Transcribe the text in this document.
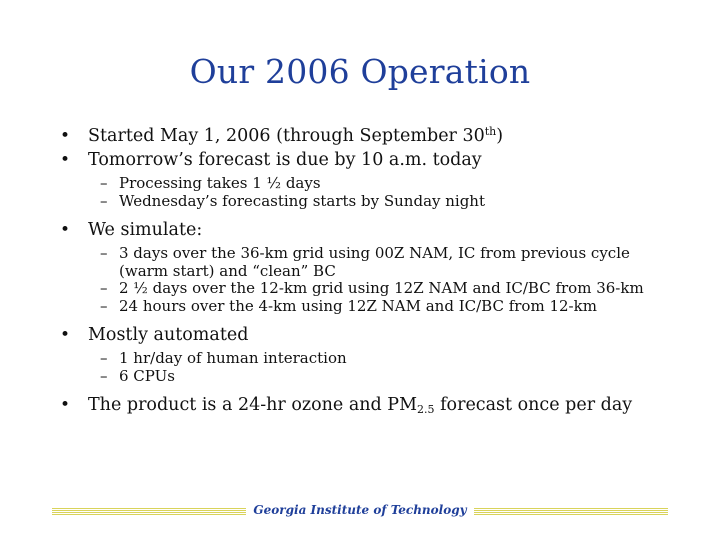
Our 2006 Operation
• Started May 1, 2006 (through September 30th)
• Tomorrow’s forecast is due by 10 a.m. today
– Processing takes 1 ½ days
– Wednesday’s forecasting starts by Sunday night
• We simulate:
– 3 days over the 36-km grid using 00Z NAM, IC from previous cycle (warm start) and “clean” BC
– 2 ½ days over the 12-km grid using 12Z NAM and IC/BC from 36-km
– 24 hours over the 4-km using 12Z NAM and IC/BC from 12-km
• Mostly automated
– 1 hr/day of human interaction
– 6 CPUs
• The product is a 24-hr ozone and $PM_{2.5}$ forecast once per day
Georgia Institute of Technology
